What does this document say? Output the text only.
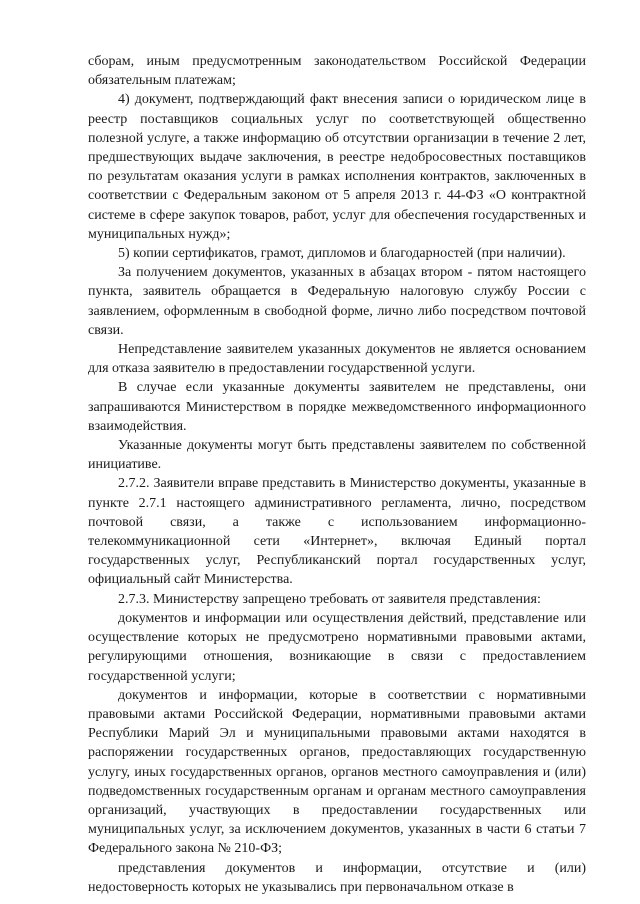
сборам, иным предусмотренным законодательством Российской Федерации обязательным платежам;

4) документ, подтверждающий факт внесения записи о юридическом лице в реестр поставщиков социальных услуг по соответствующей общественно полезной услуге, а также информацию об отсутствии организации в течение 2 лет, предшествующих выдаче заключения, в реестре недобросовестных поставщиков по результатам оказания услуги в рамках исполнения контрактов, заключенных в соответствии с Федеральным законом от 5 апреля 2013 г. 44-ФЗ «О контрактной системе в сфере закупок товаров, работ, услуг для обеспечения государственных и муниципальных нужд»;

5) копии сертификатов, грамот, дипломов и благодарностей (при наличии).

За получением документов, указанных в абзацах втором - пятом настоящего пункта, заявитель обращается в Федеральную налоговую службу России с заявлением, оформленным в свободной форме, лично либо посредством почтовой связи.

Непредставление заявителем указанных документов не является основанием для отказа заявителю в предоставлении государственной услуги.

В случае если указанные документы заявителем не представлены, они запрашиваются Министерством в порядке межведомственного информационного взаимодействия.

Указанные документы могут быть представлены заявителем по собственной инициативе.

2.7.2. Заявители вправе представить в Министерство документы, указанные в пункте 2.7.1 настоящего административного регламента, лично, посредством почтовой связи, а также с использованием информационно-телекоммуникационной сети «Интернет», включая Единый портал государственных услуг, Республиканский портал государственных услуг, официальный сайт Министерства.

2.7.3. Министерству запрещено требовать от заявителя представления:

документов и информации или осуществления действий, представление или осуществление которых не предусмотрено нормативными правовыми актами, регулирующими отношения, возникающие в связи с предоставлением государственной услуги;

документов и информации, которые в соответствии с нормативными правовыми актами Российской Федерации, нормативными правовыми актами Республики Марий Эл и муниципальными правовыми актами находятся в распоряжении государственных органов, предоставляющих государственную услугу, иных государственных органов, органов местного самоуправления и (или) подведомственных государственным органам и органам местного самоуправления организаций, участвующих в предоставлении государственных или муниципальных услуг, за исключением документов, указанных в части 6 статьи 7 Федерального закона № 210-ФЗ;

представления документов и информации, отсутствие и (или) недостоверность которых не указывались при первоначальном отказе в
